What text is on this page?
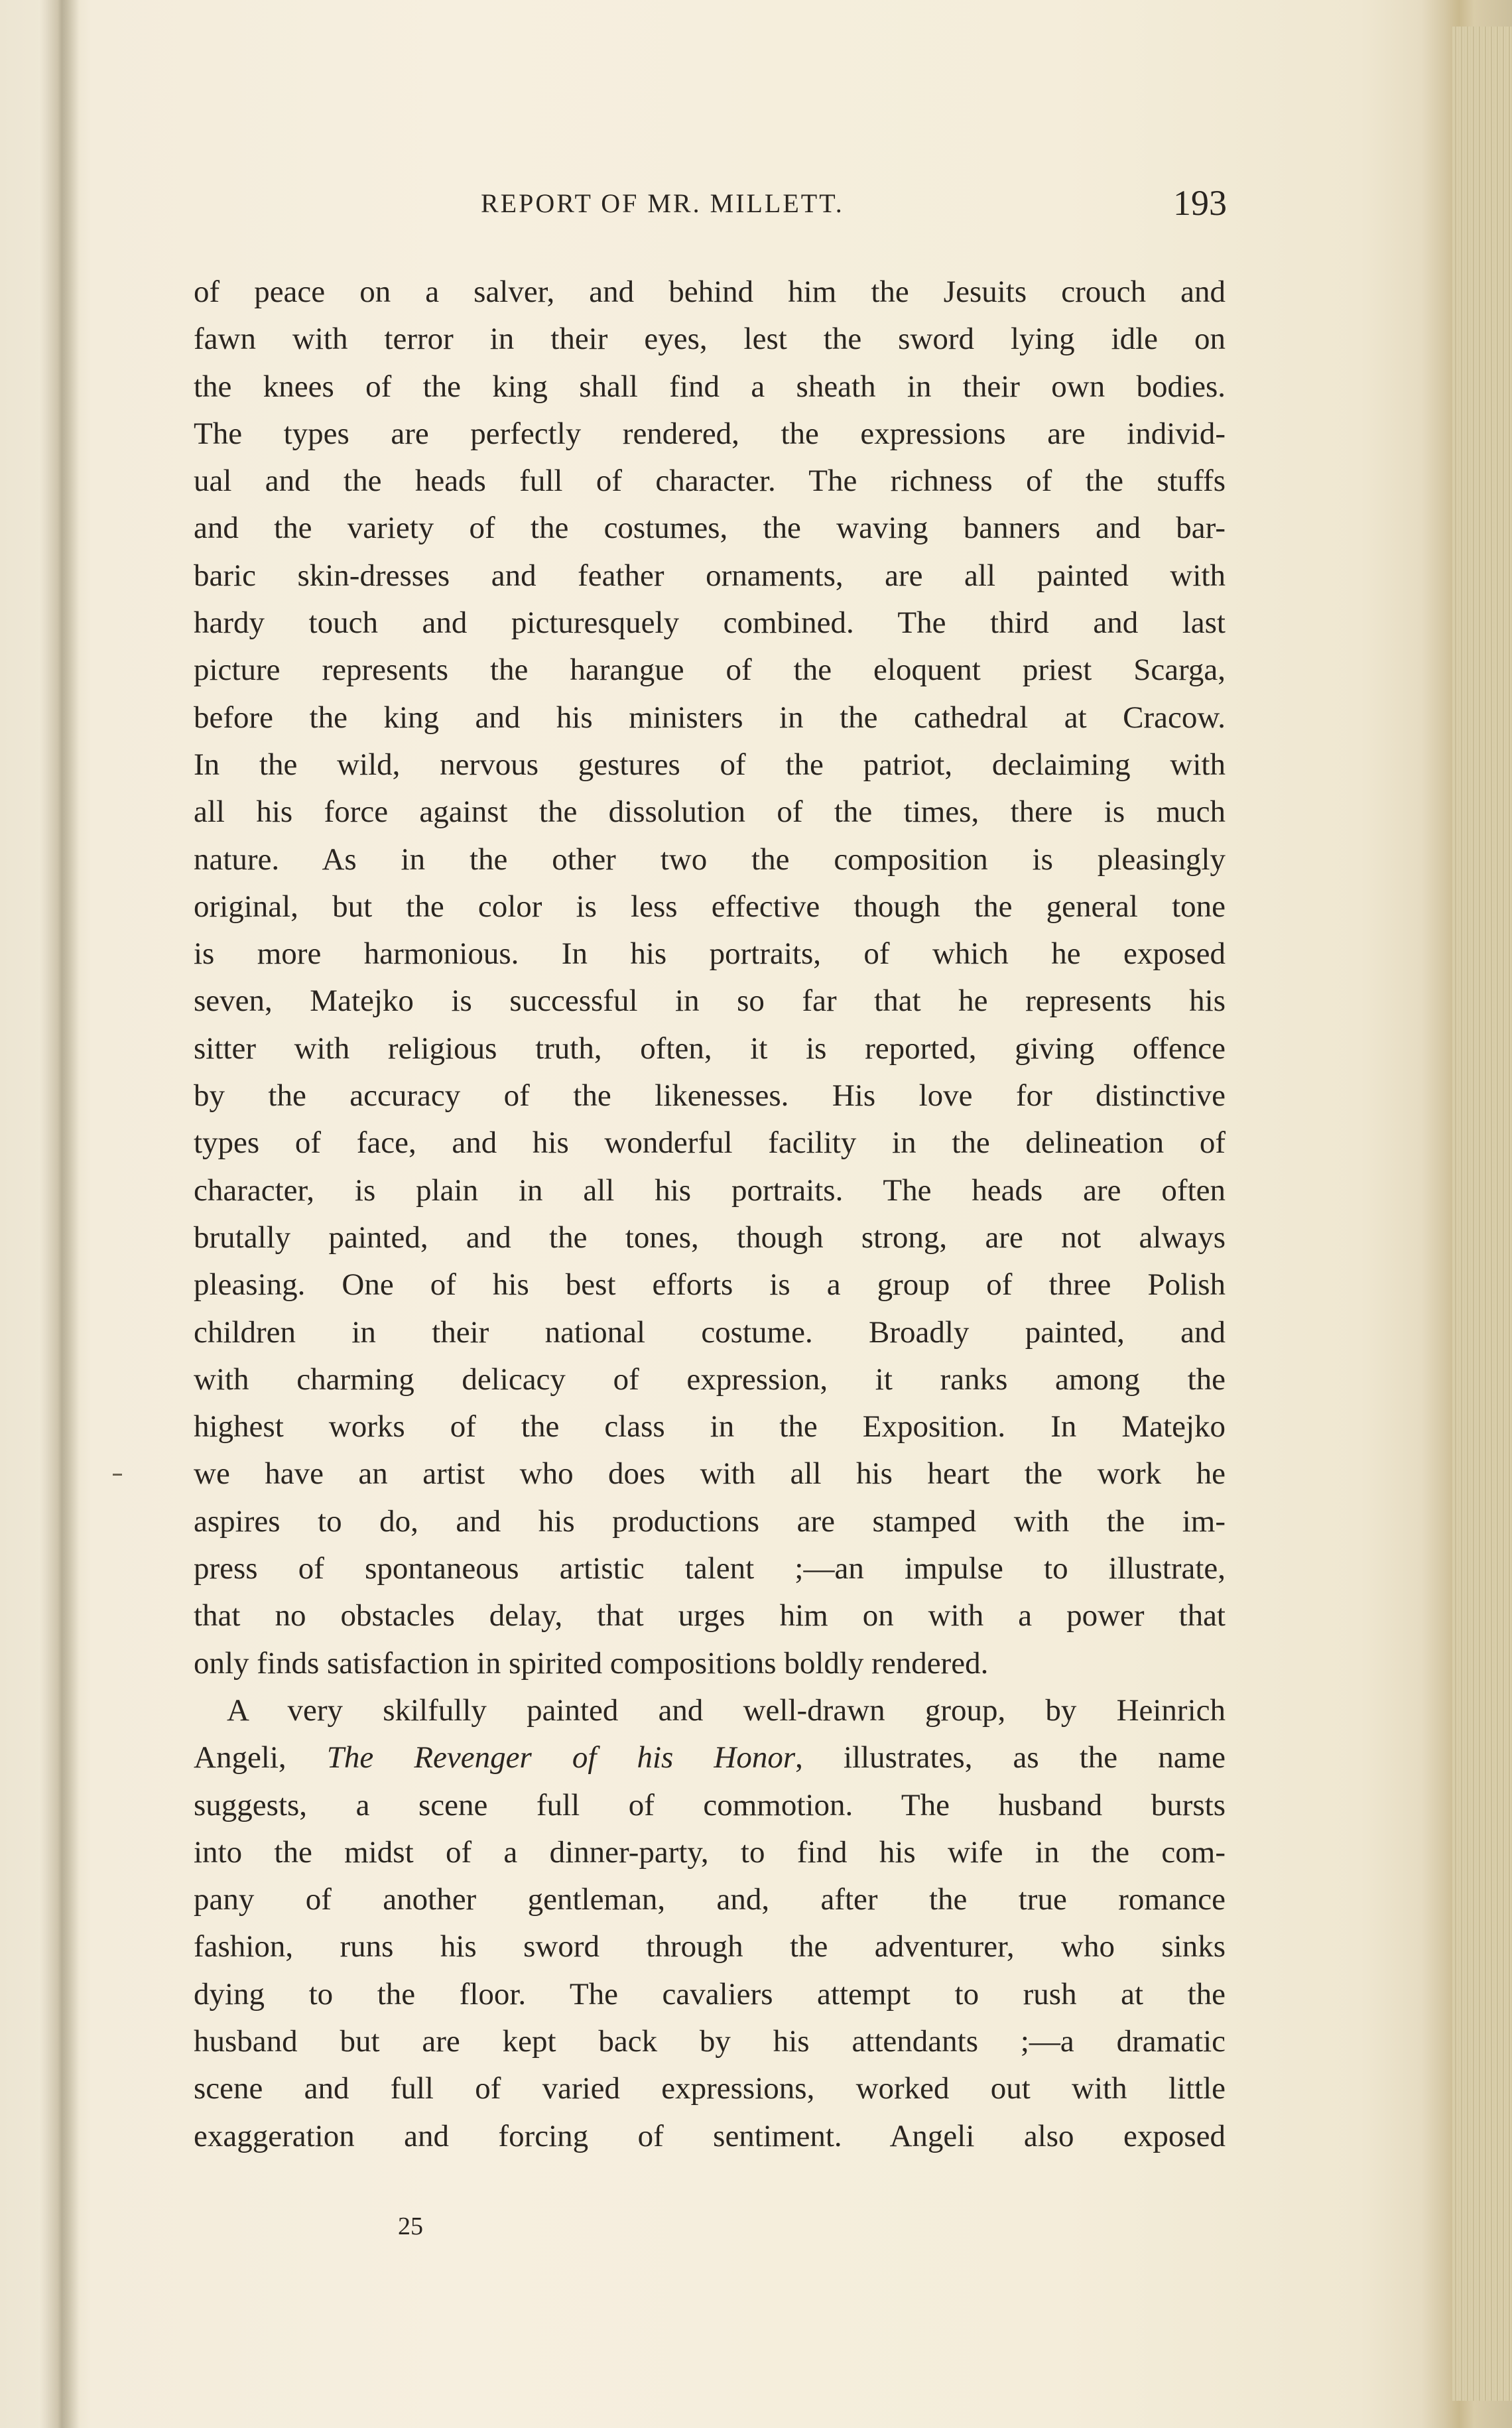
REPORT OF MR. MILLETT.	193
of peace on a salver, and behind him the Jesuits crouch and
fawn with terror in their eyes, lest the sword lying idle on
the knees of the king shall find a sheath in their own bodies.
The types are perfectly rendered, the expressions are individ-
ual and the heads full of character. The richness of the stuffs
and the variety of the costumes, the waving banners and bar-
baric skin-dresses and feather ornaments, are all painted with
hardy touch and picturesquely combined. The third and last
picture represents the harangue of the eloquent priest Scarga,
before the king and his ministers in the cathedral at Cracow.
In the wild, nervous gestures of the patriot, declaiming with
all his force against the dissolution of the times, there is much
nature. As in the other two the composition is pleasingly
original, but the color is less effective though the general tone
is more harmonious. In his portraits, of which he exposed
seven, Matejko is successful in so far that he represents his
sitter with religious truth, often, it is reported, giving offence
by the accuracy of the likenesses. His love for distinctive
types of face, and his wonderful facility in the delineation of
character, is plain in all his portraits. The heads are often
brutally painted, and the tones, though strong, are not always
pleasing. One of his best efforts is a group of three Polish
children in their national costume. Broadly painted, and
with charming delicacy of expression, it ranks among the
highest works of the class in the Exposition. In Matejko
we have an artist who does with all his heart the work he
aspires to do, and his productions are stamped with the im-
press of spontaneous artistic talent ;—an impulse to illustrate,
that no obstacles delay, that urges him on with a power that
only finds satisfaction in spirited compositions boldly rendered.
A very skilfully painted and well-drawn group, by Heinrich
Angeli, The Revenger of his Honor, illustrates, as the name
suggests, a scene full of commotion. The husband bursts
into the midst of a dinner-party, to find his wife in the com-
pany of another gentleman, and, after the true romance
fashion, runs his sword through the adventurer, who sinks
dying to the floor. The cavaliers attempt to rush at the
husband but are kept back by his attendants ;—a dramatic
scene and full of varied expressions, worked out with little
exaggeration and forcing of sentiment. Angeli also exposed
25
